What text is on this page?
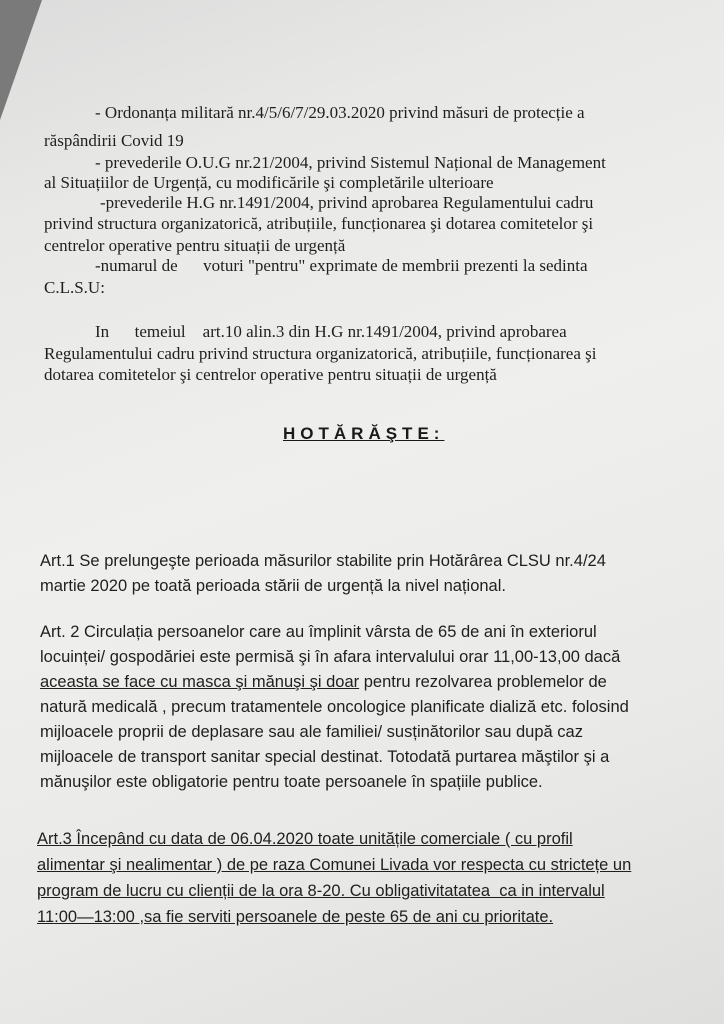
- Ordonanța militară nr.4/5/6/7/29.03.2020 privind măsuri de protecție a
răspândirii Covid 19
- prevederile O.U.G nr.21/2004, privind Sistemul Național de Management
al Situațiilor de Urgență, cu modificările şi completările ulterioare
-prevederile H.G nr.1491/2004, privind aprobarea Regulamentului cadru
privind structura organizatorică, atribuțiile, funcționarea şi dotarea comitetelor şi
centrelor operative pentru situații de urgență
-numarul de      voturi "pentru" exprimate de membrii prezenti la sedinta
C.L.S.U:
In      temeiul    art.10 alin.3 din H.G nr.1491/2004, privind aprobarea
Regulamentului cadru privind structura organizatorică, atribuțiile, funcționarea şi
dotarea comitetelor şi centrelor operative pentru situații de urgență
HOTĂRĂŞTE:
Art.1 Se prelungeşte perioada măsurilor stabilite prin Hotărârea CLSU nr.4/24
martie 2020 pe toată perioada stării de urgență la nivel național.
Art. 2 Circulația persoanelor care au împlinit vârsta de 65 de ani în exteriorul
locuinței/ gospodăriei este permisă şi în afara intervalului orar 11,00-13,00 dacă
aceasta se face cu masca şi mănuşi şi doar pentru rezolvarea problemelor de
natură medicală , precum tratamentele oncologice planificate dializă etc. folosind
mijloacele proprii de deplasare sau ale familiei/ susținătorilor sau după caz
mijloacele de transport sanitar special destinat. Totodată purtarea măştilor şi a
mănuşilor este obligatorie pentru toate persoanele în spațiile publice.
Art.3 Începând cu data de 06.04.2020 toate unitățile comerciale ( cu profil
alimentar şi nealimentar ) de pe raza Comunei Livada vor respecta cu strictețe un
program de lucru cu clienții de la ora 8-20. Cu obligativitatatea  ca in intervalul
11:00—13:00 ,sa fie serviti persoanele de peste 65 de ani cu prioritate.
